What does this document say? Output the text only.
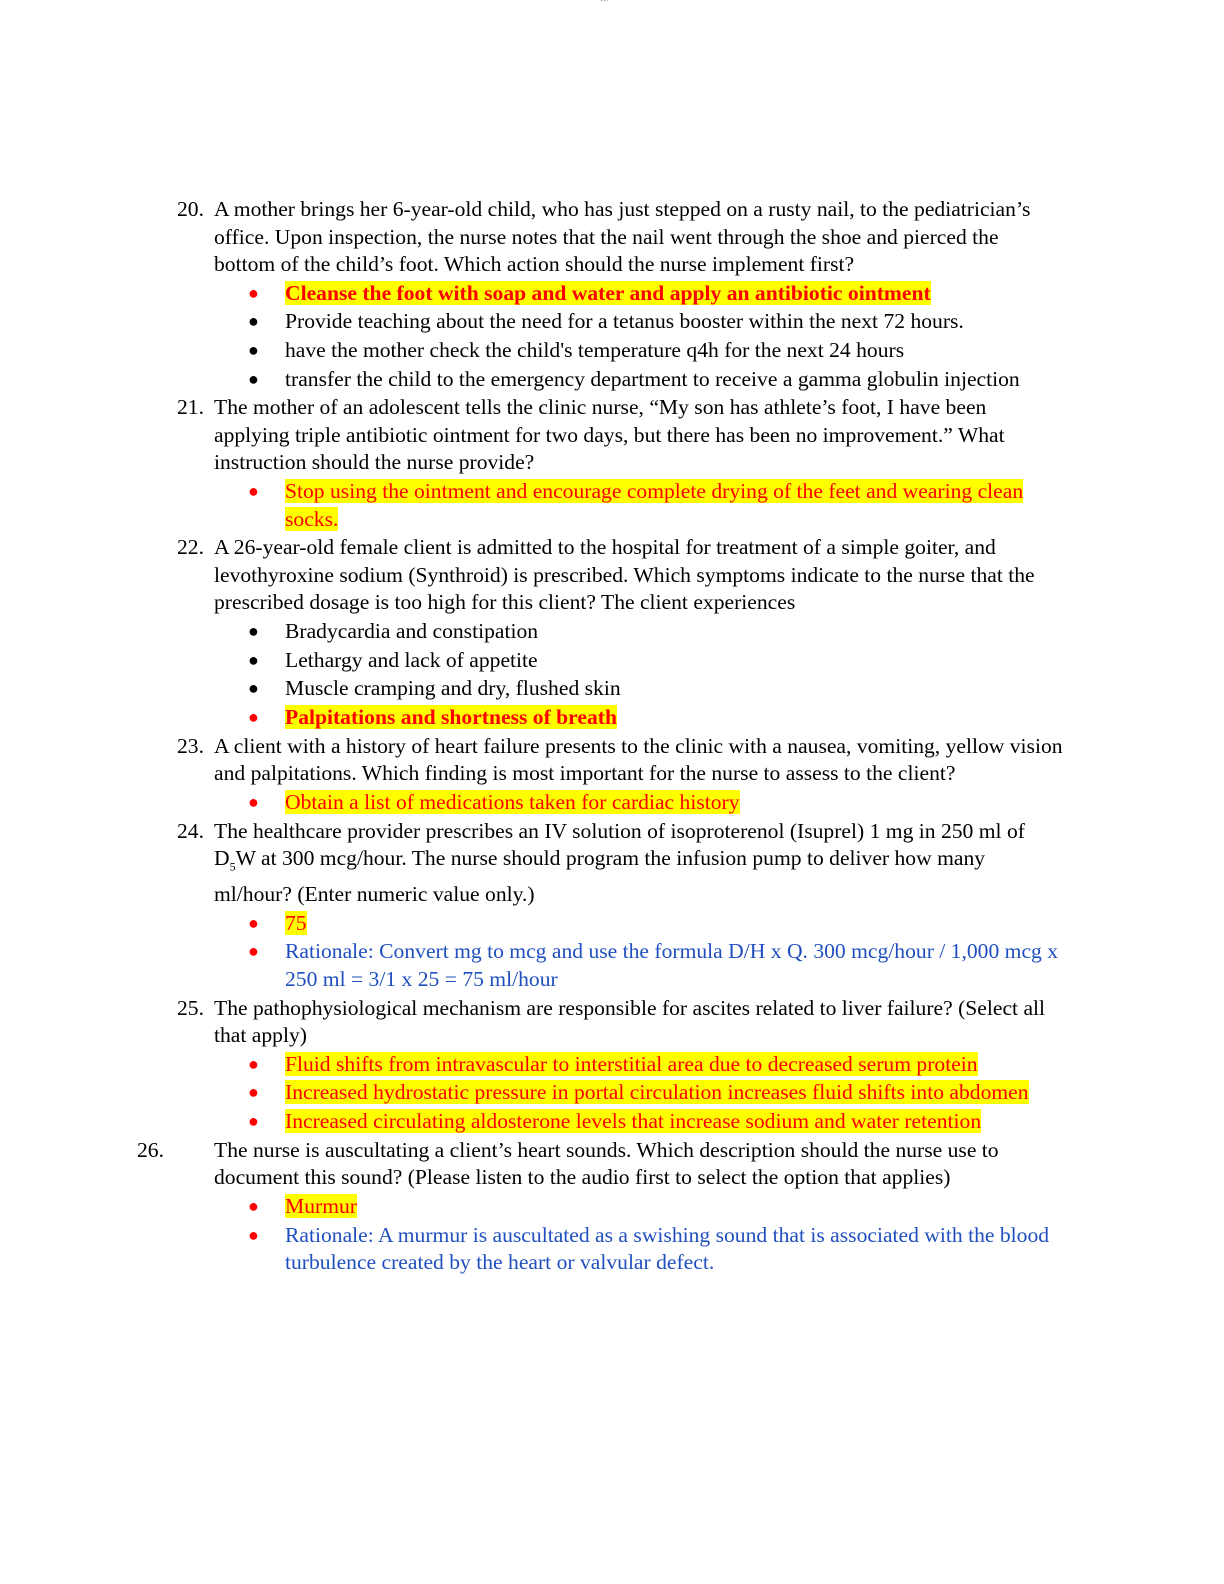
---
20. A mother brings her 6-year-old child, who has just stepped on a rusty nail, to the pediatrician’s office. Upon inspection, the nurse notes that the nail went through the shoe and pierced the bottom of the child’s foot. Which action should the nurse implement first?
● Cleanse the foot with soap and water and apply an antibiotic ointment
● Provide teaching about the need for a tetanus booster within the next 72 hours.
● have the mother check the child's temperature q4h for the next 24 hours
● transfer the child to the emergency department to receive a gamma globulin injection
21. The mother of an adolescent tells the clinic nurse, “My son has athlete’s foot, I have been applying triple antibiotic ointment for two days, but there has been no improvement.” What instruction should the nurse provide?
● Stop using the ointment and encourage complete drying of the feet and wearing clean socks.
22. A 26-year-old female client is admitted to the hospital for treatment of a simple goiter, and levothyroxine sodium (Synthroid) is prescribed. Which symptoms indicate to the nurse that the prescribed dosage is too high for this client? The client experiences
● Bradycardia and constipation
● Lethargy and lack of appetite
● Muscle cramping and dry, flushed skin
● Palpitations and shortness of breath
23. A client with a history of heart failure presents to the clinic with a nausea, vomiting, yellow vision and palpitations. Which finding is most important for the nurse to assess to the client?
● Obtain a list of medications taken for cardiac history
24. The healthcare provider prescribes an IV solution of isoproterenol (Isuprel) 1 mg in 250 ml of $D_5W$ at 300 mcg/hour. The nurse should program the infusion pump to deliver how many ml/hour? (Enter numeric value only.)
● 75
● Rationale: Convert mg to mcg and use the formula D/H x Q. 300 mcg/hour / 1,000 mcg x 250 ml = 3/1 x 25 = 75 ml/hour
25. The pathophysiological mechanism are responsible for ascites related to liver failure? (Select all that apply)
● Fluid shifts from intravascular to interstitial area due to decreased serum protein
● Increased hydrostatic pressure in portal circulation increases fluid shifts into abdomen
● Increased circulating aldosterone levels that increase sodium and water retention
26. The nurse is auscultating a client’s heart sounds. Which description should the nurse use to document this sound? (Please listen to the audio first to select the option that applies)
● Murmur
● Rationale: A murmur is auscultated as a swishing sound that is associated with the blood turbulence created by the heart or valvular defect.
